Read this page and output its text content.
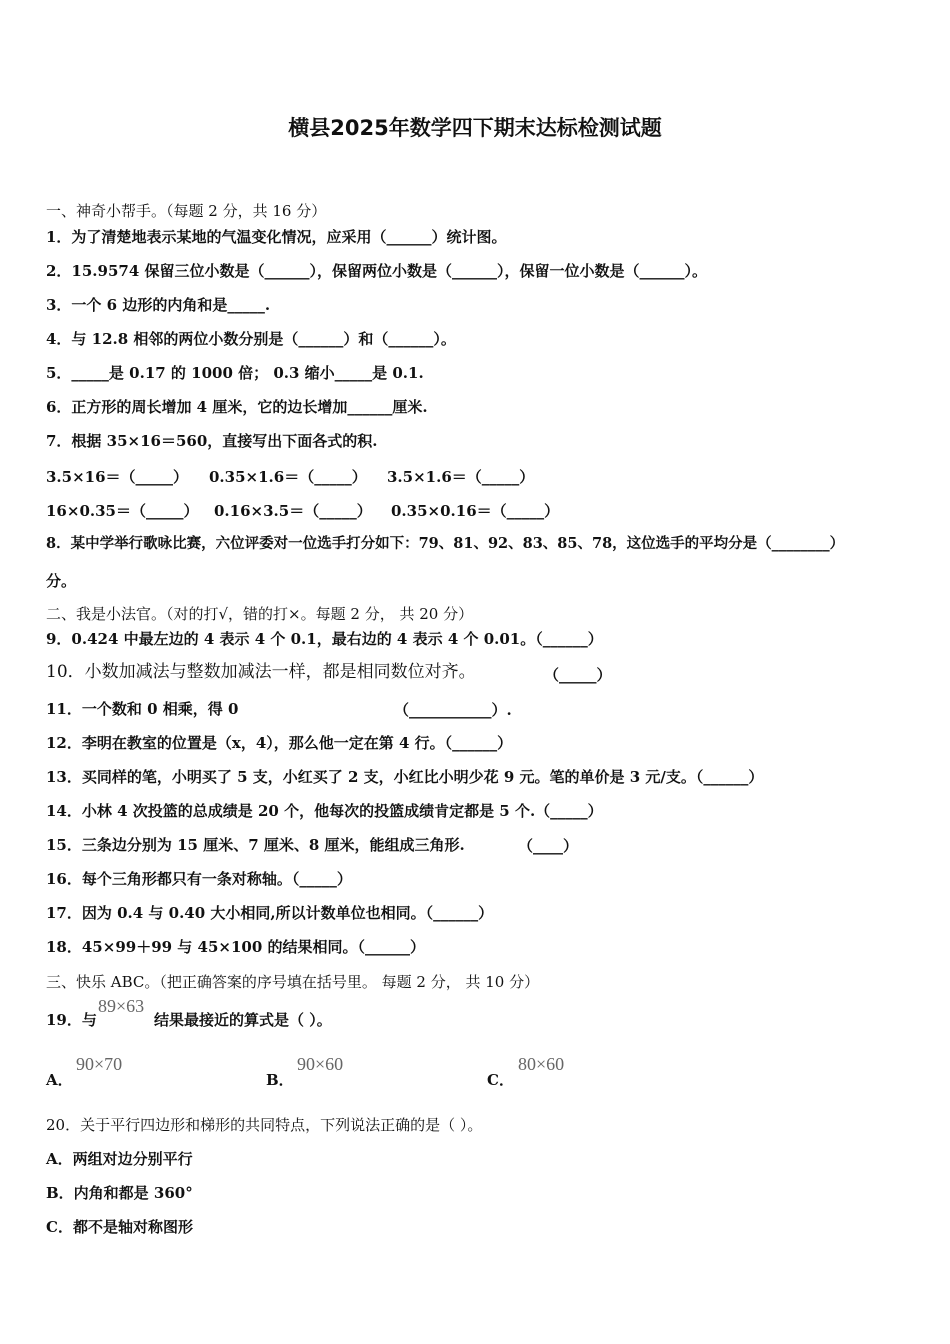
横县2025年数学四下期末达标检测试题
一、神奇小帮手。（每题 2 分，共 16 分）
1．为了清楚地表示某地的气温变化情况，应采用（______）统计图。
2．15.9574 保留三位小数是（______），保留两位小数是（______），保留一位小数是（______）。
3．一个 6 边形的内角和是_____.
4．与 12.8 相邻的两位小数分别是（______）和（______）。
5．_____是 0.17 的 1000 倍； 0.3 缩小_____是 0.1.
6．正方形的周长增加 4 厘米，它的边长增加______厘米.
7．根据 35×16＝560，直接写出下面各式的积.
3.5×16＝（_____） 0.35×1.6＝（_____） 3.5×1.6＝（_____）
16×0.35＝（_____） 0.16×3.5＝（_____） 0.35×0.16＝（_____）
8．某中学举行歌咏比赛，六位评委对一位选手打分如下：79、81、92、83、85、78，这位选手的平均分是（________）
分。
二、我是小法官。（对的打√，错的打×。每题 2 分， 共 20 分）
9．0.424 中最左边的 4 表示 4 个 0.1，最右边的 4 表示 4 个 0.01。（______）
10．小数加减法与整数加减法一样，都是相同数位对齐。	（_____）
11．一个数和 0 相乘，得 0	（___________）.
12．李明在教室的位置是（x，4），那么他一定在第 4 行。（______）
13．买同样的笔，小明买了 5 支，小红买了 2 支，小红比小明少花 9 元。笔的单价是 3 元/支。（______）
14．小林 4 次投篮的总成绩是 20 个，他每次的投篮成绩肯定都是 5 个.（_____）
15．三条边分别为 15 厘米、7 厘米、8 厘米，能组成三角形.	（____）
16．每个三角形都只有一条对称轴。（_____）
17．因为 0.4 与 0.40 大小相同,所以计数单位也相同。（______）
18．45×99＋99 与 45×100 的结果相同。（______）
三、快乐 ABC。（把正确答案的序号填在括号里。 每题 2 分， 共 10 分）
19．与
89×63
结果最接近的算式是（ ）。
A．
90×70
B．
90×60
C．
80×60
20．关于平行四边形和梯形的共同特点，下列说法正确的是（ ）。
A．两组对边分别平行
B．内角和都是 360°
C．都不是轴对称图形
